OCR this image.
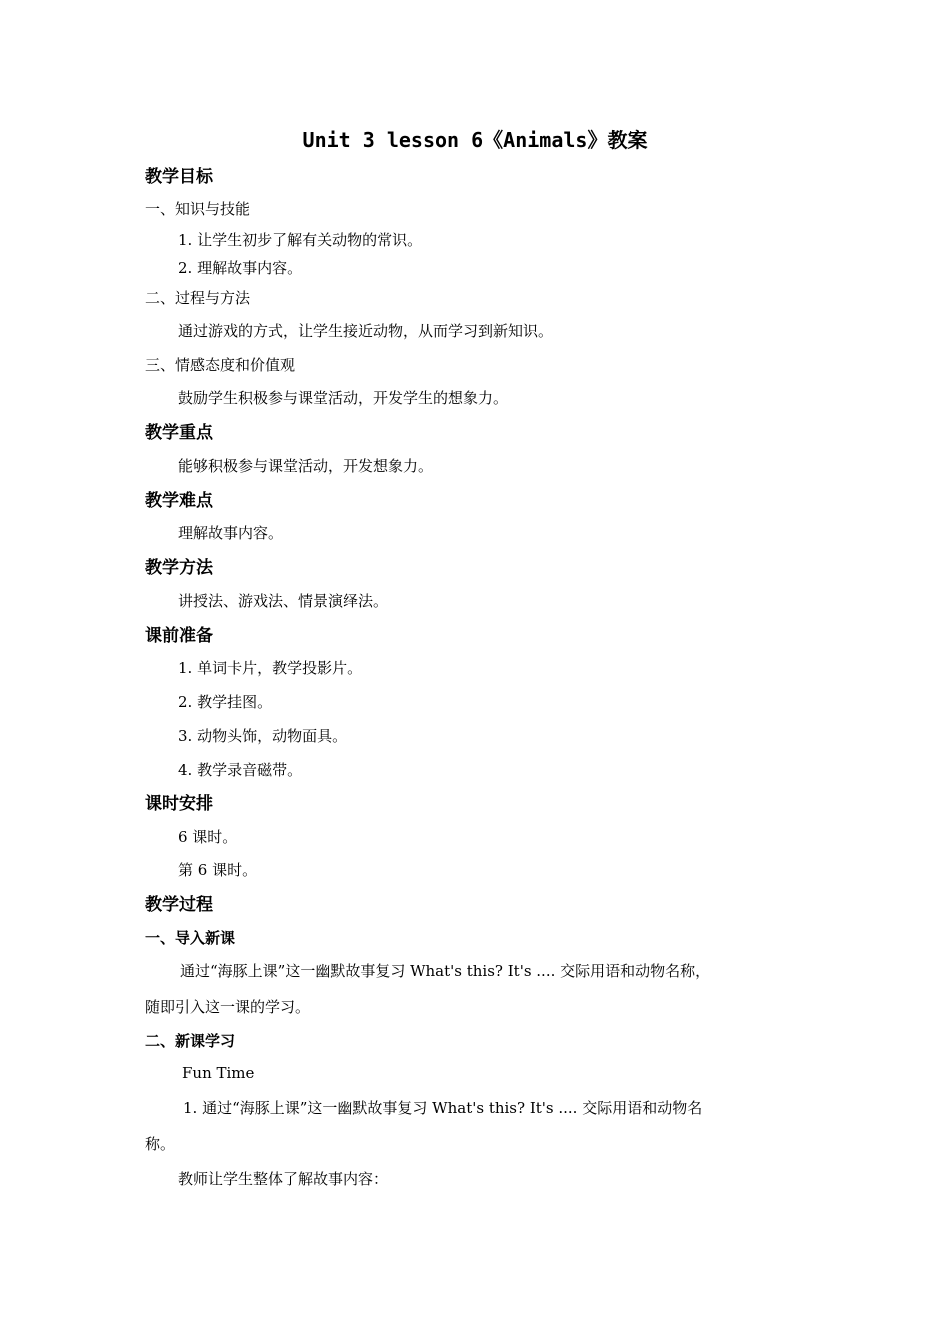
Unit 3 lesson 6《Animals》教案
教学目标
一、知识与技能
1. 让学生初步了解有关动物的常识。
2. 理解故事内容。
二、过程与方法
通过游戏的方式，让学生接近动物，从而学习到新知识。
三、情感态度和价值观
鼓励学生积极参与课堂活动，开发学生的想象力。
教学重点
能够积极参与课堂活动，开发想象力。
教学难点
理解故事内容。
教学方法
讲授法、游戏法、情景演绎法。
课前准备
1. 单词卡片，教学投影片。
2. 教学挂图。
3. 动物头饰，动物面具。
4. 教学录音磁带。
课时安排
6 课时。
第 6 课时。
教学过程
一、导入新课
通过“海豚上课”这一幽默故事复习 What's this? It's .... 交际用语和动物名称，
随即引入这一课的学习。
二、新课学习
Fun Time
1. 通过“海豚上课”这一幽默故事复习 What's this? It's .... 交际用语和动物名
称。
教师让学生整体了解故事内容：
